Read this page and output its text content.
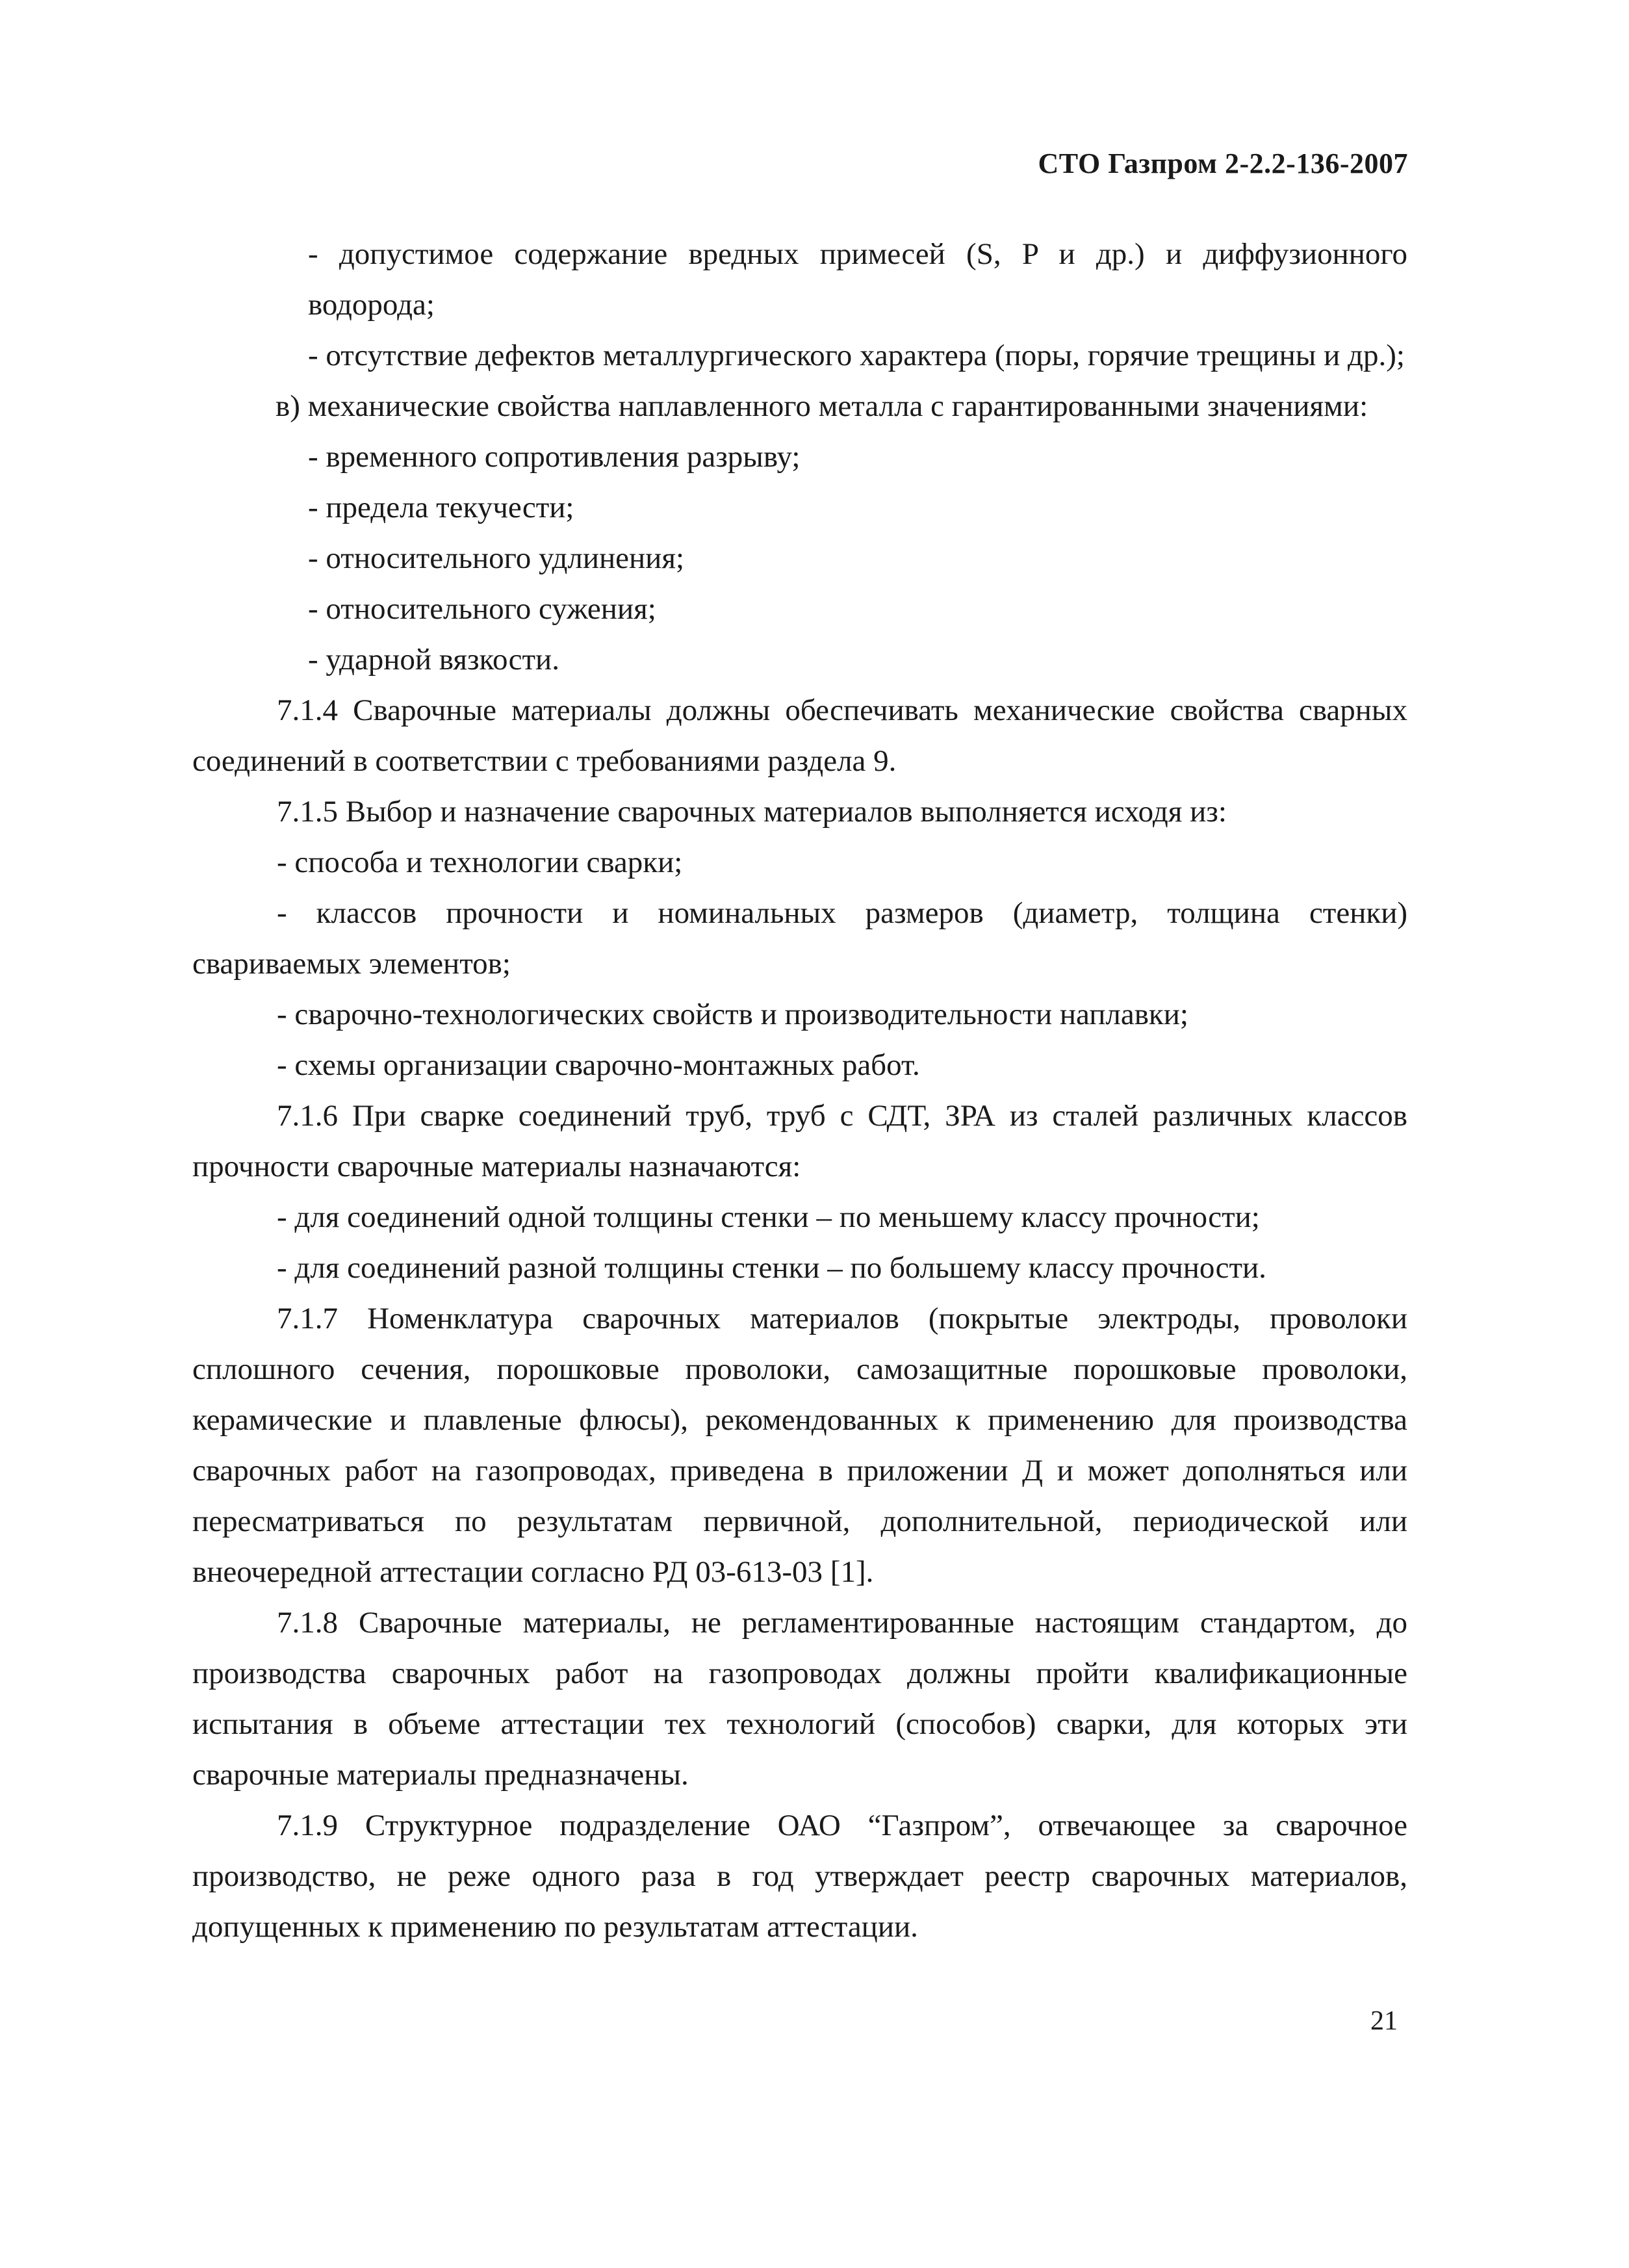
СТО Газпром 2-2.2-136-2007

- допустимое содержание вредных примесей (S, P и др.) и диффузионного водорода;

- отсутствие дефектов металлургического характера (поры, горячие трещины и др.);

в) механические свойства наплавленного металла с гарантированными значениями:

- временного сопротивления разрыву;

- предела текучести;

- относительного удлинения;

- относительного сужения;

- ударной вязкости.

7.1.4 Сварочные материалы должны обеспечивать механические свойства сварных соединений в соответствии с требованиями раздела 9.

7.1.5 Выбор и назначение сварочных материалов выполняется исходя из:

- способа и технологии сварки;

- классов прочности и номинальных размеров (диаметр, толщина стенки) свариваемых элементов;

- сварочно-технологических свойств и производительности наплавки;

- схемы организации сварочно-монтажных работ.

7.1.6 При сварке соединений труб, труб с СДТ, ЗРА из сталей различных классов прочности сварочные материалы назначаются:

- для соединений одной толщины стенки – по меньшему классу прочности;

- для соединений разной толщины стенки – по большему классу прочности.

7.1.7 Номенклатура сварочных материалов (покрытые электроды, проволоки сплошного сечения, порошковые проволоки, самозащитные порошковые проволоки, керамические и плавленые флюсы), рекомендованных к применению для производства сварочных работ на газопроводах, приведена в приложении Д и может дополняться или пересматриваться по результатам первичной, дополнительной, периодической или внеочередной аттестации согласно РД 03-613-03 [1].

7.1.8 Сварочные материалы, не регламентированные настоящим стандартом, до производства сварочных работ на газопроводах должны пройти квалификационные испытания в объеме аттестации тех технологий (способов) сварки, для которых эти сварочные материалы предназначены.

7.1.9 Структурное подразделение ОАО “Газпром”, отвечающее за сварочное производство, не реже одного раза в год утверждает реестр сварочных материалов, допущенных к применению по результатам аттестации.

21
